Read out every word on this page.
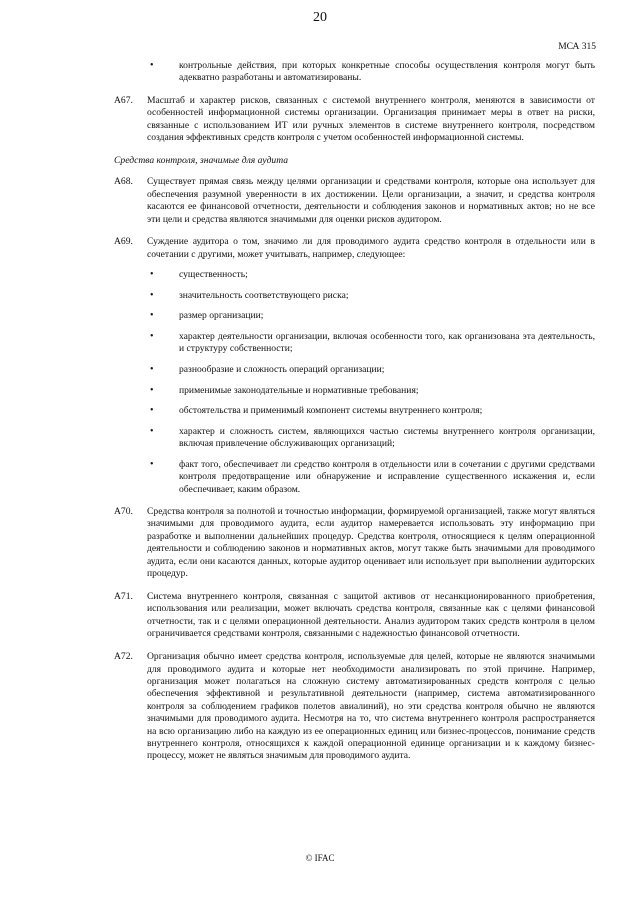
20
МСА 315
• контрольные действия, при которых конкретные способы осуществления контроля могут быть адекватно разработаны и автоматизированы.
A67.	Масштаб и характер рисков, связанных с системой внутреннего контроля, меняются в зависимости от особенностей информационной системы организации. Организация принимает меры в ответ на риски, связанные с использованием ИТ или ручных элементов в системе внутреннего контроля, посредством создания эффективных средств контроля с учетом особенностей информационной системы.

Средства контроля, значимые для аудита

A68.	Существует прямая связь между целями организации и средствами контроля, которые она использует для обеспечения разумной уверенности в их достижении. Цели организации, а значит, и средства контроля касаются ее финансовой отчетности, деятельности и соблюдения законов и нормативных актов; но не все эти цели и средства являются значимыми для оценки рисков аудитором.

A69.	Суждение аудитора о том, значимо ли для проводимого аудита средство контроля в отдельности или в сочетании с другими, может учитывать, например, следующее:

• существенность;
• значительность соответствующего риска;
• размер организации;
• характер деятельности организации, включая особенности того, как организована эта деятельность, и структуру собственности;
• разнообразие и сложность операций организации;
• применимые законодательные и нормативные требования;
• обстоятельства и применимый компонент системы внутреннего контроля;
• характер и сложность систем, являющихся частью системы внутреннего контроля организации, включая привлечение обслуживающих организаций;
• факт того, обеспечивает ли средство контроля в отдельности или в сочетании с другими средствами контроля предотвращение или обнаружение и исправление существенного искажения и, если обеспечивает, каким образом.
A70.	Средства контроля за полнотой и точностью информации, формируемой организацией, также могут являться значимыми для проводимого аудита, если аудитор намеревается использовать эту информацию при разработке и выполнении дальнейших процедур. Средства контроля, относящиеся к целям операционной деятельности и соблюдению законов и нормативных актов, могут также быть значимыми для проводимого аудита, если они касаются данных, которые аудитор оценивает или использует при выполнении аудиторских процедур.

A71.	Система внутреннего контроля, связанная с защитой активов от несанкционированного приобретения, использования или реализации, может включать средства контроля, связанные как с целями финансовой отчетности, так и с целями операционной деятельности. Анализ аудитором таких средств контроля в целом ограничивается средствами контроля, связанными с надежностью финансовой отчетности.

A72.	Организация обычно имеет средства контроля, используемые для целей, которые не являются значимыми для проводимого аудита и которые нет необходимости анализировать по этой причине. Например, организация может полагаться на сложную систему автоматизированных средств контроля с целью обеспечения эффективной и результативной деятельности (например, система автоматизированного контроля за соблюдением графиков полетов авиалиний), но эти средства контроля обычно не являются значимыми для проводимого аудита. Несмотря на то, что система внутреннего контроля распространяется на всю организацию либо на каждую из ее операционных единиц или бизнес-процессов, понимание средств внутреннего контроля, относящихся к каждой операционной единице организации и к каждому бизнес-процессу, может не являться значимым для проводимого аудита.

© IFAC
